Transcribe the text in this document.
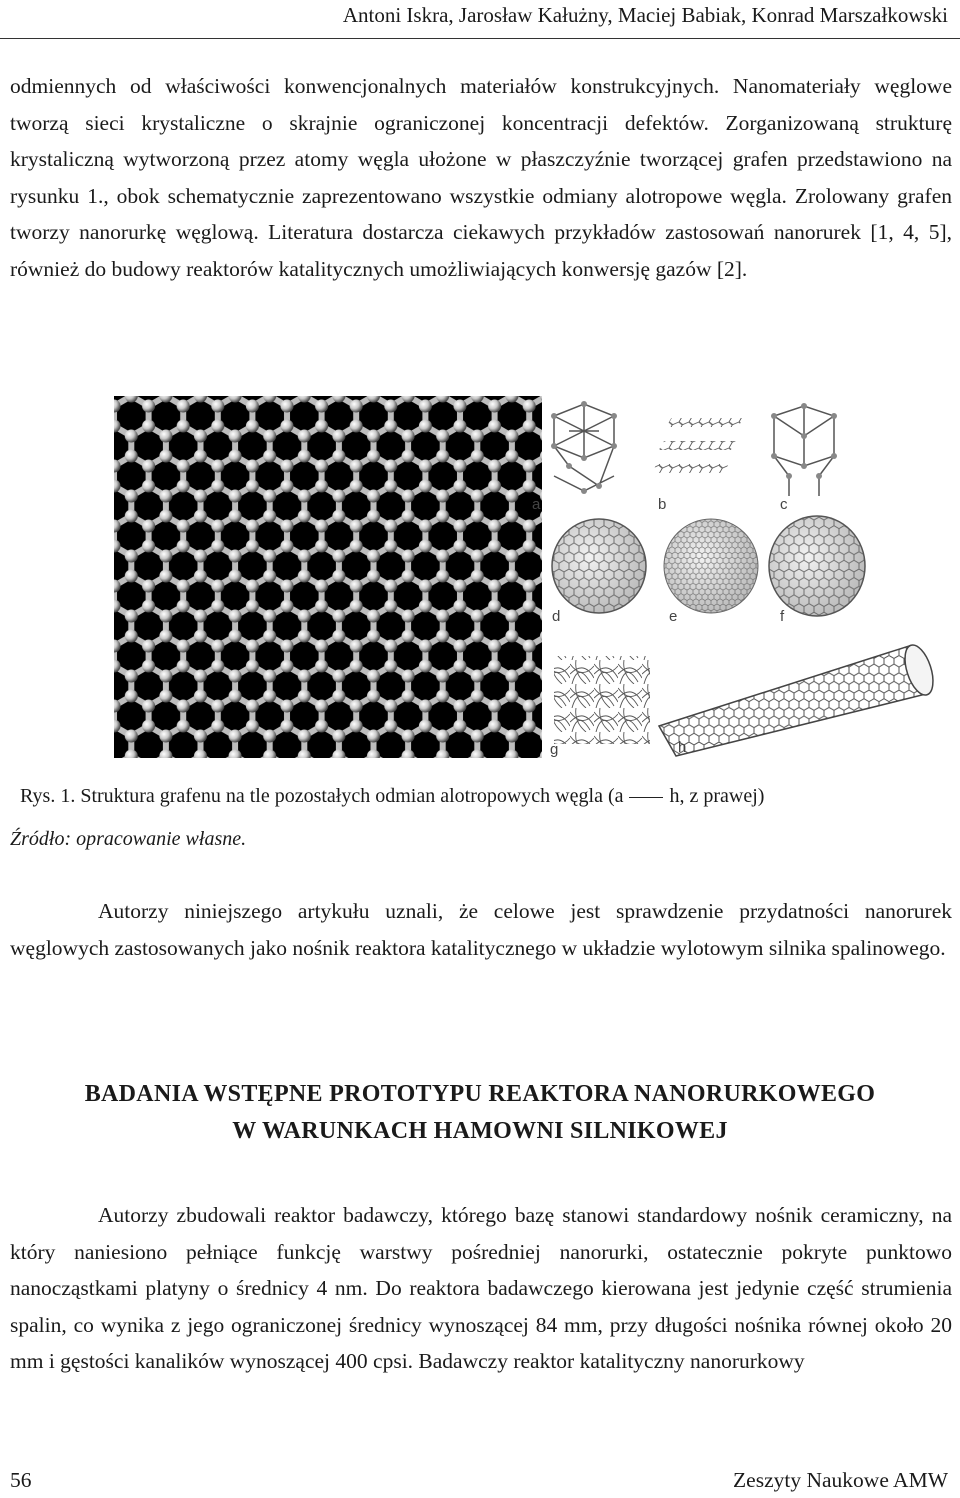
Antoni Iskra, Jarosław Kałużny, Maciej Babiak, Konrad Marszałkowski

odmiennych od właściwości konwencjonalnych materiałów konstrukcyjnych. Nanomateriały węglowe tworzą sieci krystaliczne o skrajnie ograniczonej koncentracji defektów. Zorganizowaną strukturę krystaliczną wytworzoną przez atomy węgla ułożone w płaszczyźnie tworzącej grafen przedstawiono na rysunku 1., obok schematycznie zaprezentowano wszystkie odmiany alotropowe węgla. Zrolowany grafen tworzy nanorurkę węglową. Literatura dostarcza ciekawych przykładów zastosowań nanorurek [1, 4, 5], również do budowy reaktorów katalitycznych umożliwiających konwersję gazów [2].

a	b	c
d	e	f
g	h
Rys. 1. Struktura grafenu na tle pozostałych odmian alotropowych węgla (a h, z prawej)
Źródło: opracowanie własne.

Autorzy niniejszego artykułu uznali, że celowe jest sprawdzenie przydatności nanorurek węglowych zastosowanych jako nośnik reaktora katalitycznego w układzie wylotowym silnika spalinowego.

BADANIA WSTĘPNE PROTOTYPU REAKTORA NANORURKOWEGO
W WARUNKACH HAMOWNI SILNIKOWEJ

Autorzy zbudowali reaktor badawczy, którego bazę stanowi standardowy nośnik ceramiczny, na który naniesiono pełniące funkcję warstwy pośredniej nanorurki, ostatecznie pokryte punktowo nanocząstkami platyny o średnicy 4 nm. Do reaktora badawczego kierowana jest jedynie część strumienia spalin, co wynika z jego ograniczonej średnicy wynoszącej 84 mm, przy długości nośnika równej około 20 mm i gęstości kanalików wynoszącej 400 cpsi. Badawczy reaktor katalityczny nanorurkowy

56	Zeszyty Naukowe AMW
